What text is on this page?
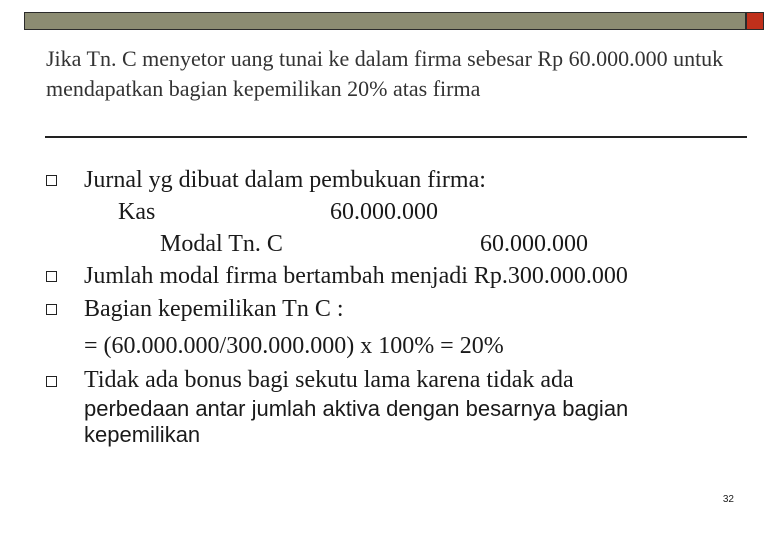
Jika Tn. C menyetor uang tunai ke dalam firma sebesar Rp 60.000.000 untuk mendapatkan bagian kepemilikan 20% atas firma
Jurnal yg dibuat dalam pembukuan firma:
Kas	60.000.000
Modal Tn. C	60.000.000
Jumlah modal firma bertambah menjadi Rp.300.000.000
Bagian kepemilikan Tn C :
= (60.000.000/300.000.000) x 100% = 20%
Tidak ada bonus bagi sekutu lama karena tidak ada
perbedaan antar jumlah aktiva dengan besarnya bagian
kepemilikan
32
